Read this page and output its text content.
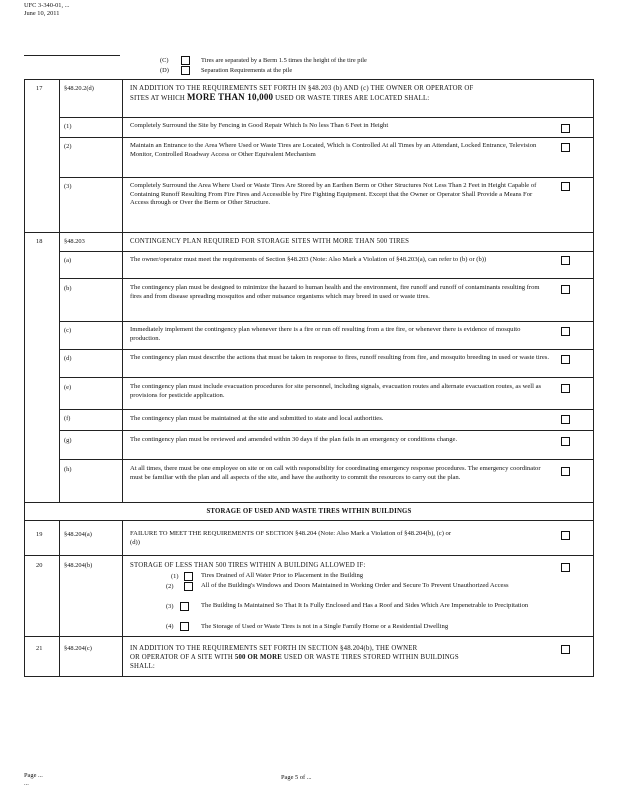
UFC 3-340-01, ...
June 10, 2011
(C)	Tires are separated by a Berm 1.5 times the height of the tire pile
(D)	Separation Requirements at the pile
17	§48.20.2(d)	IN ADDITION TO THE REQUIREMENTS SET FORTH IN §48.203 (b) AND (c) THE OWNER OR OPERATOR OF
SITES AT WHICH MORE THAN 10,000 USED OR WASTE TIRES ARE LOCATED SHALL:
(1)	Completely Surround the Site by Fencing in Good Repair Which Is No less Than 6 Feet in Height
(2)	Maintain an Entrance to the Area Where Used or Waste Tires are Located, Which is Controlled At all Times by an Attendant, Locked Entrance, Television Monitor, Controlled Roadway Access or Other Equivalent Mechanism
(3)	Completely Surround the Area Where Used or Waste Tires Are Stored by an Earthen Berm or Other Structures Not Less Than 2 Feet in Height Capable of Containing Runoff Resulting From Fire Fires and Accessible by Fire Fighting Equipment. Except that the Owner or Operator Shall Provide a Means For Access through or Over the Berm or Other Structure.
18	§48.203	CONTINGENCY PLAN REQUIRED FOR STORAGE SITES WITH MORE THAN 500 TIRES
(a)	The owner/operator must meet the requirements of Section §48.203 (Note: Also Mark a Violation of §48.203(a), can refer to (b) or (b))
(b)	The contingency plan must be designed to minimize the hazard to human health and the environment, fire runoff and runoff of contaminants resulting from fires and from disease spreading mosquitos and other nuisance organisms which may breed in used or waste tires.
(c)	Immediately implement the contingency plan whenever there is a fire or run off resulting from a tire fire, or whenever there is evidence of mosquito production.
(d)	The contingency plan must describe the actions that must be taken in response to fires, runoff resulting from fire, and mosquito breeding in used or waste tires.
(e)	The contingency plan must include evacuation procedures for site personnel, including signals, evacuation routes and alternate evacuation routes, as well as provisions for pesticide application.
(f)	The contingency plan must be maintained at the site and submitted to state and local authorities.
(g)	The contingency plan must be reviewed and amended within 30 days if the plan fails in an emergency or conditions change.
(h)	At all times, there must be one employee on site or on call with responsibility for coordinating emergency response procedures. The emergency coordinator must be familiar with the plan and all aspects of the site, and have the authority to commit the resources to carry out the plan.
STORAGE OF USED AND WASTE TIRES WITHIN BUILDINGS
19	§48.204(a)	FAILURE TO MEET THE REQUIREMENTS OF SECTION §48.204 (Note: Also Mark a Violation of §48.204(b), (c) or (d))
20	§48.204(b)	STORAGE OF LESS THAN 500 TIRES WITHIN A BUILDING ALLOWED IF:
(1)	Tires Drained of All Water Prior to Placement in the Building
(2)	All of the Building's Windows and Doors Maintained in Working Order and Secure To Prevent Unauthorized Access
(3)	The Building Is Maintained So That It Is Fully Enclosed and Has a Roof and Sides Which Are Impenetrable to Precipitation
(4)	The Storage of Used or Waste Tires is not in a Single Family Home or a Residential Dwelling
21	§48.204(c)	IN ADDITION TO THE REQUIREMENTS SET FORTH IN SECTION §48.204(b), THE OWNER
OR OPERATOR OF A SITE WITH 500 OR MORE USED OR WASTE TIRES STORED WITHIN BUILDINGS
SHALL:
Page ...
...
Page 5 of ...
